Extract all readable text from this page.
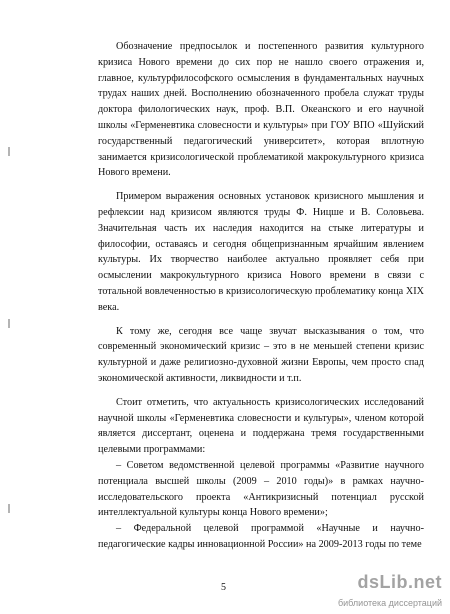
Обозначение предпосылок и постепенного развития культурного кризиса Нового времени до сих пор не нашло своего отражения и, главное, культурфилософского осмысления в фундаментальных научных трудах наших дней. Восполнению обозначенного пробела служат труды доктора филологических наук, проф. В.П. Океанского и его научной школы «Герменевтика словесности и культуры» при ГОУ ВПО «Шуйский государственный педагогический университет», которая вплотную занимается кризисологической проблематикой макрокультурного кризиса Нового времени.

Примером выражения основных установок кризисного мышления и рефлексии над кризисом являются труды Ф. Ницше и В. Соловьева. Значительная часть их наследия находится на стыке литературы и философии, оставаясь и сегодня общепризнанным ярчайшим явлением культуры. Их творчество наиболее актуально проявляет себя при осмыслении макрокультурного кризиса Нового времени в связи с тотальной вовлеченностью в кризисологическую проблематику конца XIX века.

К тому же, сегодня все чаще звучат высказывания о том, что современный экономический кризис – это в не меньшей степени кризис культурной и даже религиозно-духовной жизни Европы, чем просто спад экономической активности, ликвидности и т.п.

Стоит отметить, что актуальность кризисологических исследований научной школы «Герменевтика словесности и культуры», членом которой является диссертант, оценена и поддержана тремя государственными целевыми программами:

– Советом ведомственной целевой программы «Развитие научного потенциала высшей школы (2009 – 2010 годы)» в рамках научно-исследовательского проекта «Антикризисный потенциал русской интеллектуальной культуры конца Нового времени»;

– Федеральной целевой программой «Научные и научно-педагогические кадры инновационной России» на 2009-2013 годы по теме

5	dsLib.net
библиотека диссертаций
